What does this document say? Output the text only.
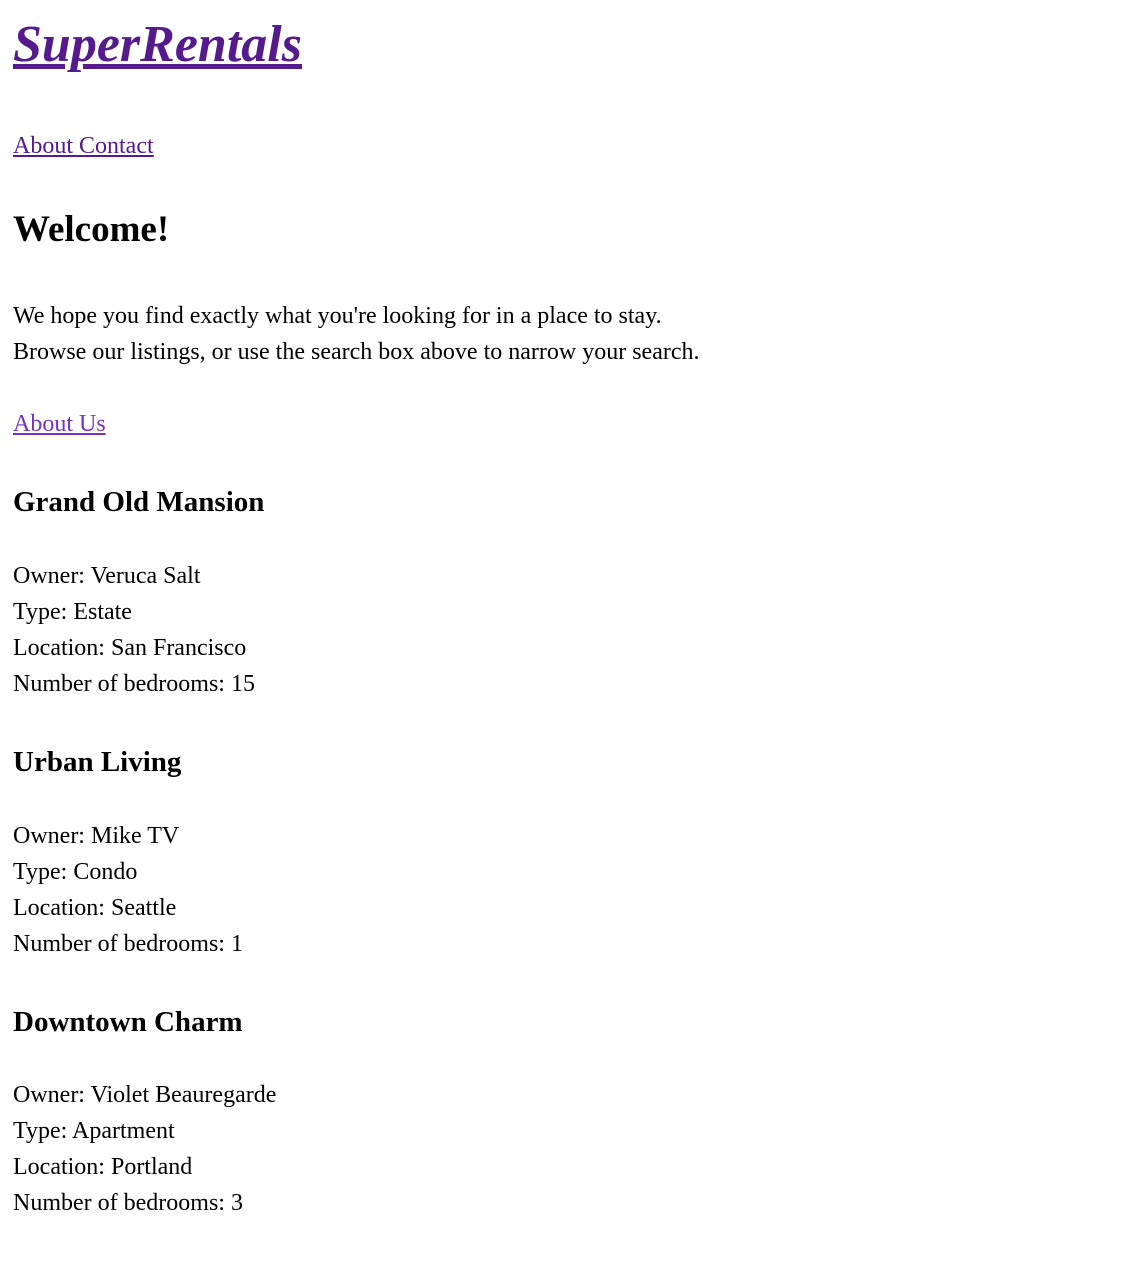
SuperRentals
About Contact
Welcome!

We hope you find exactly what you're looking for in a place to stay.
Browse our listings, or use the search box above to narrow your search.

About Us

Grand Old Mansion
Owner: Veruca Salt
Type: Estate
Location: San Francisco
Number of bedrooms: 15
Urban Living
Owner: Mike TV
Type: Condo
Location: Seattle
Number of bedrooms: 1
Downtown Charm
Owner: Violet Beauregarde
Type: Apartment
Location: Portland
Number of bedrooms: 3
